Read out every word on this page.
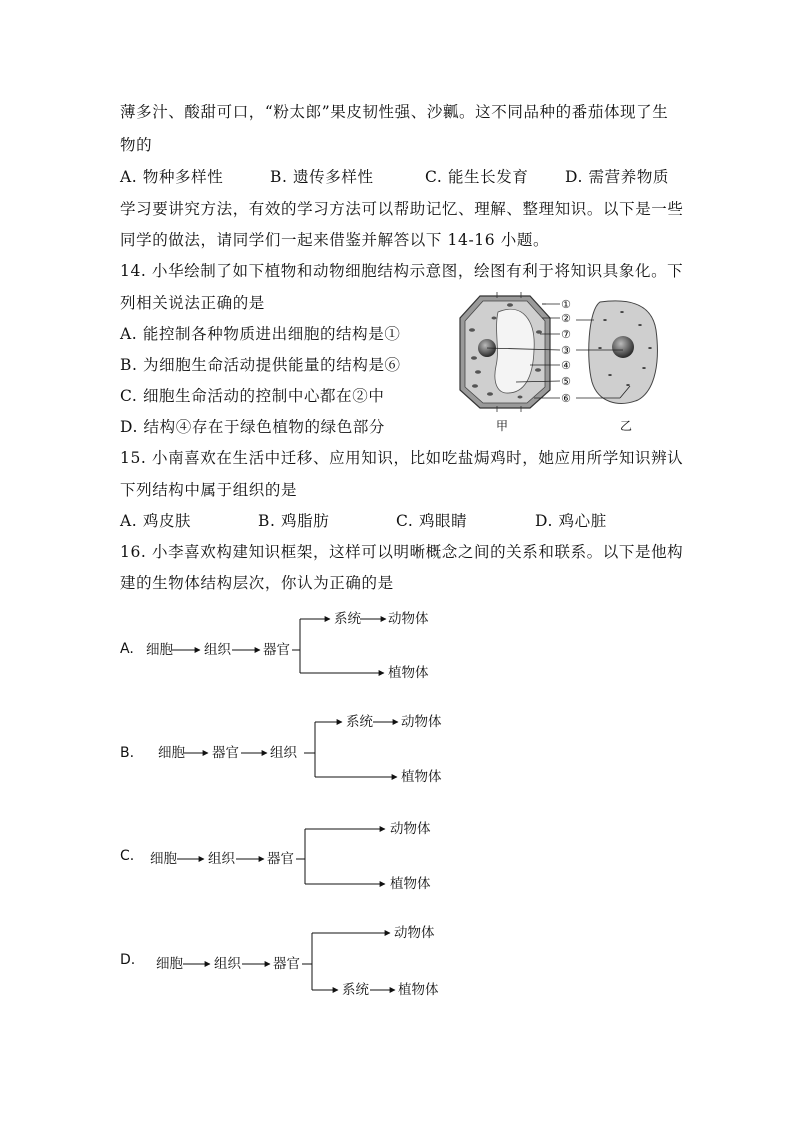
薄多汁、酸甜可口，“粉太郎”果皮韧性强、沙瓤。这不同品种的番茄体现了生
物的
A. 物种多样性	B. 遗传多样性	C. 能生长发育 D. 需营养物质
学习要讲究方法，有效的学习方法可以帮助记忆、理解、整理知识。以下是一些
同学的做法，请同学们一起来借鉴并解答以下 14-16 小题。
14. 小华绘制了如下植物和动物细胞结构示意图，绘图有利于将知识具象化。下
列相关说法正确的是
A. 能控制各种物质进出细胞的结构是①
B. 为细胞生命活动提供能量的结构是⑥
C. 细胞生命活动的控制中心都在②中
D. 结构④存在于绿色植物的绿色部分
①
②
⑦
③
④
⑤
⑥
甲	乙
15. 小南喜欢在生活中迁移、应用知识，比如吃盐焗鸡时，她应用所学知识辨认
下列结构中属于组织的是
A. 鸡皮肤	B. 鸡脂肪	C. 鸡眼睛	D. 鸡心脏
16. 小李喜欢构建知识框架，这样可以明晰概念之间的关系和联系。以下是他构
建的生物体结构层次，你认为正确的是
A. 细胞 组织 器官
系统 动物体
植物体
B. 细胞 器官 组织
系统 动物体
植物体
C. 细胞 组织 器官
动物体
植物体
D. 细胞 组织 器官
动物体
系统 植物体
